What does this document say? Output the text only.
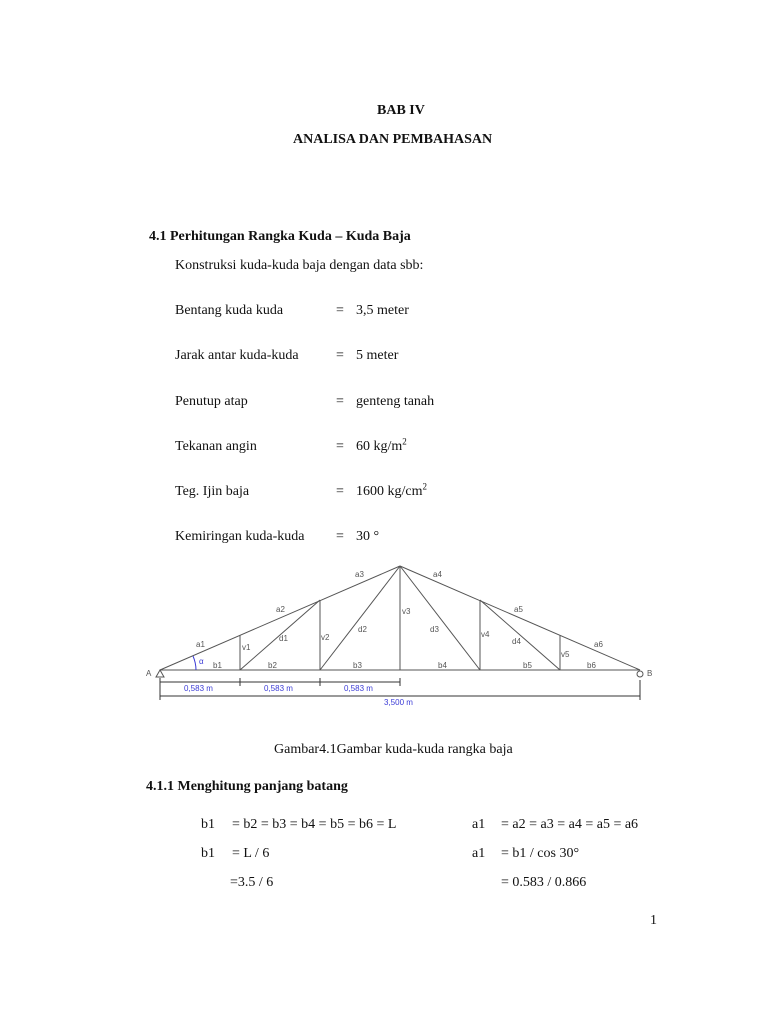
BAB IV
ANALISA DAN PEMBAHASAN
4.1 Perhitungan Rangka Kuda – Kuda Baja
Konstruksi kuda-kuda baja dengan data sbb:
Bentang kuda kuda	= 3,5 meter
Jarak antar kuda-kuda	= 5 meter
Penutup atap	= genteng tanah
Tekanan angin	= 60 $kg/m^2$
Teg. Ijin baja	= 1600 $kg/cm^2$
Kemiringan kuda-kuda = 30 °
a1
a2
a3	a4
a5
a6
b1	b2	b3	b4	b5	b6
v1
v2
v3
v4
v5
d1
d2	d3
d4
A	B
α
0,583 m	0,583 m	0,583 m
3,500 m
Gambar4.1Gambar kuda-kuda rangka baja
4.1.1 Menghitung panjang batang
b1 = b2 = b3 = b4 = b5 = b6 = L
b1 = L / 6
=3.5 / 6
a1 = a2 = a3 = a4 = a5 = a6
a1 = b1 / cos 30°
= 0.583 / 0.866
1
